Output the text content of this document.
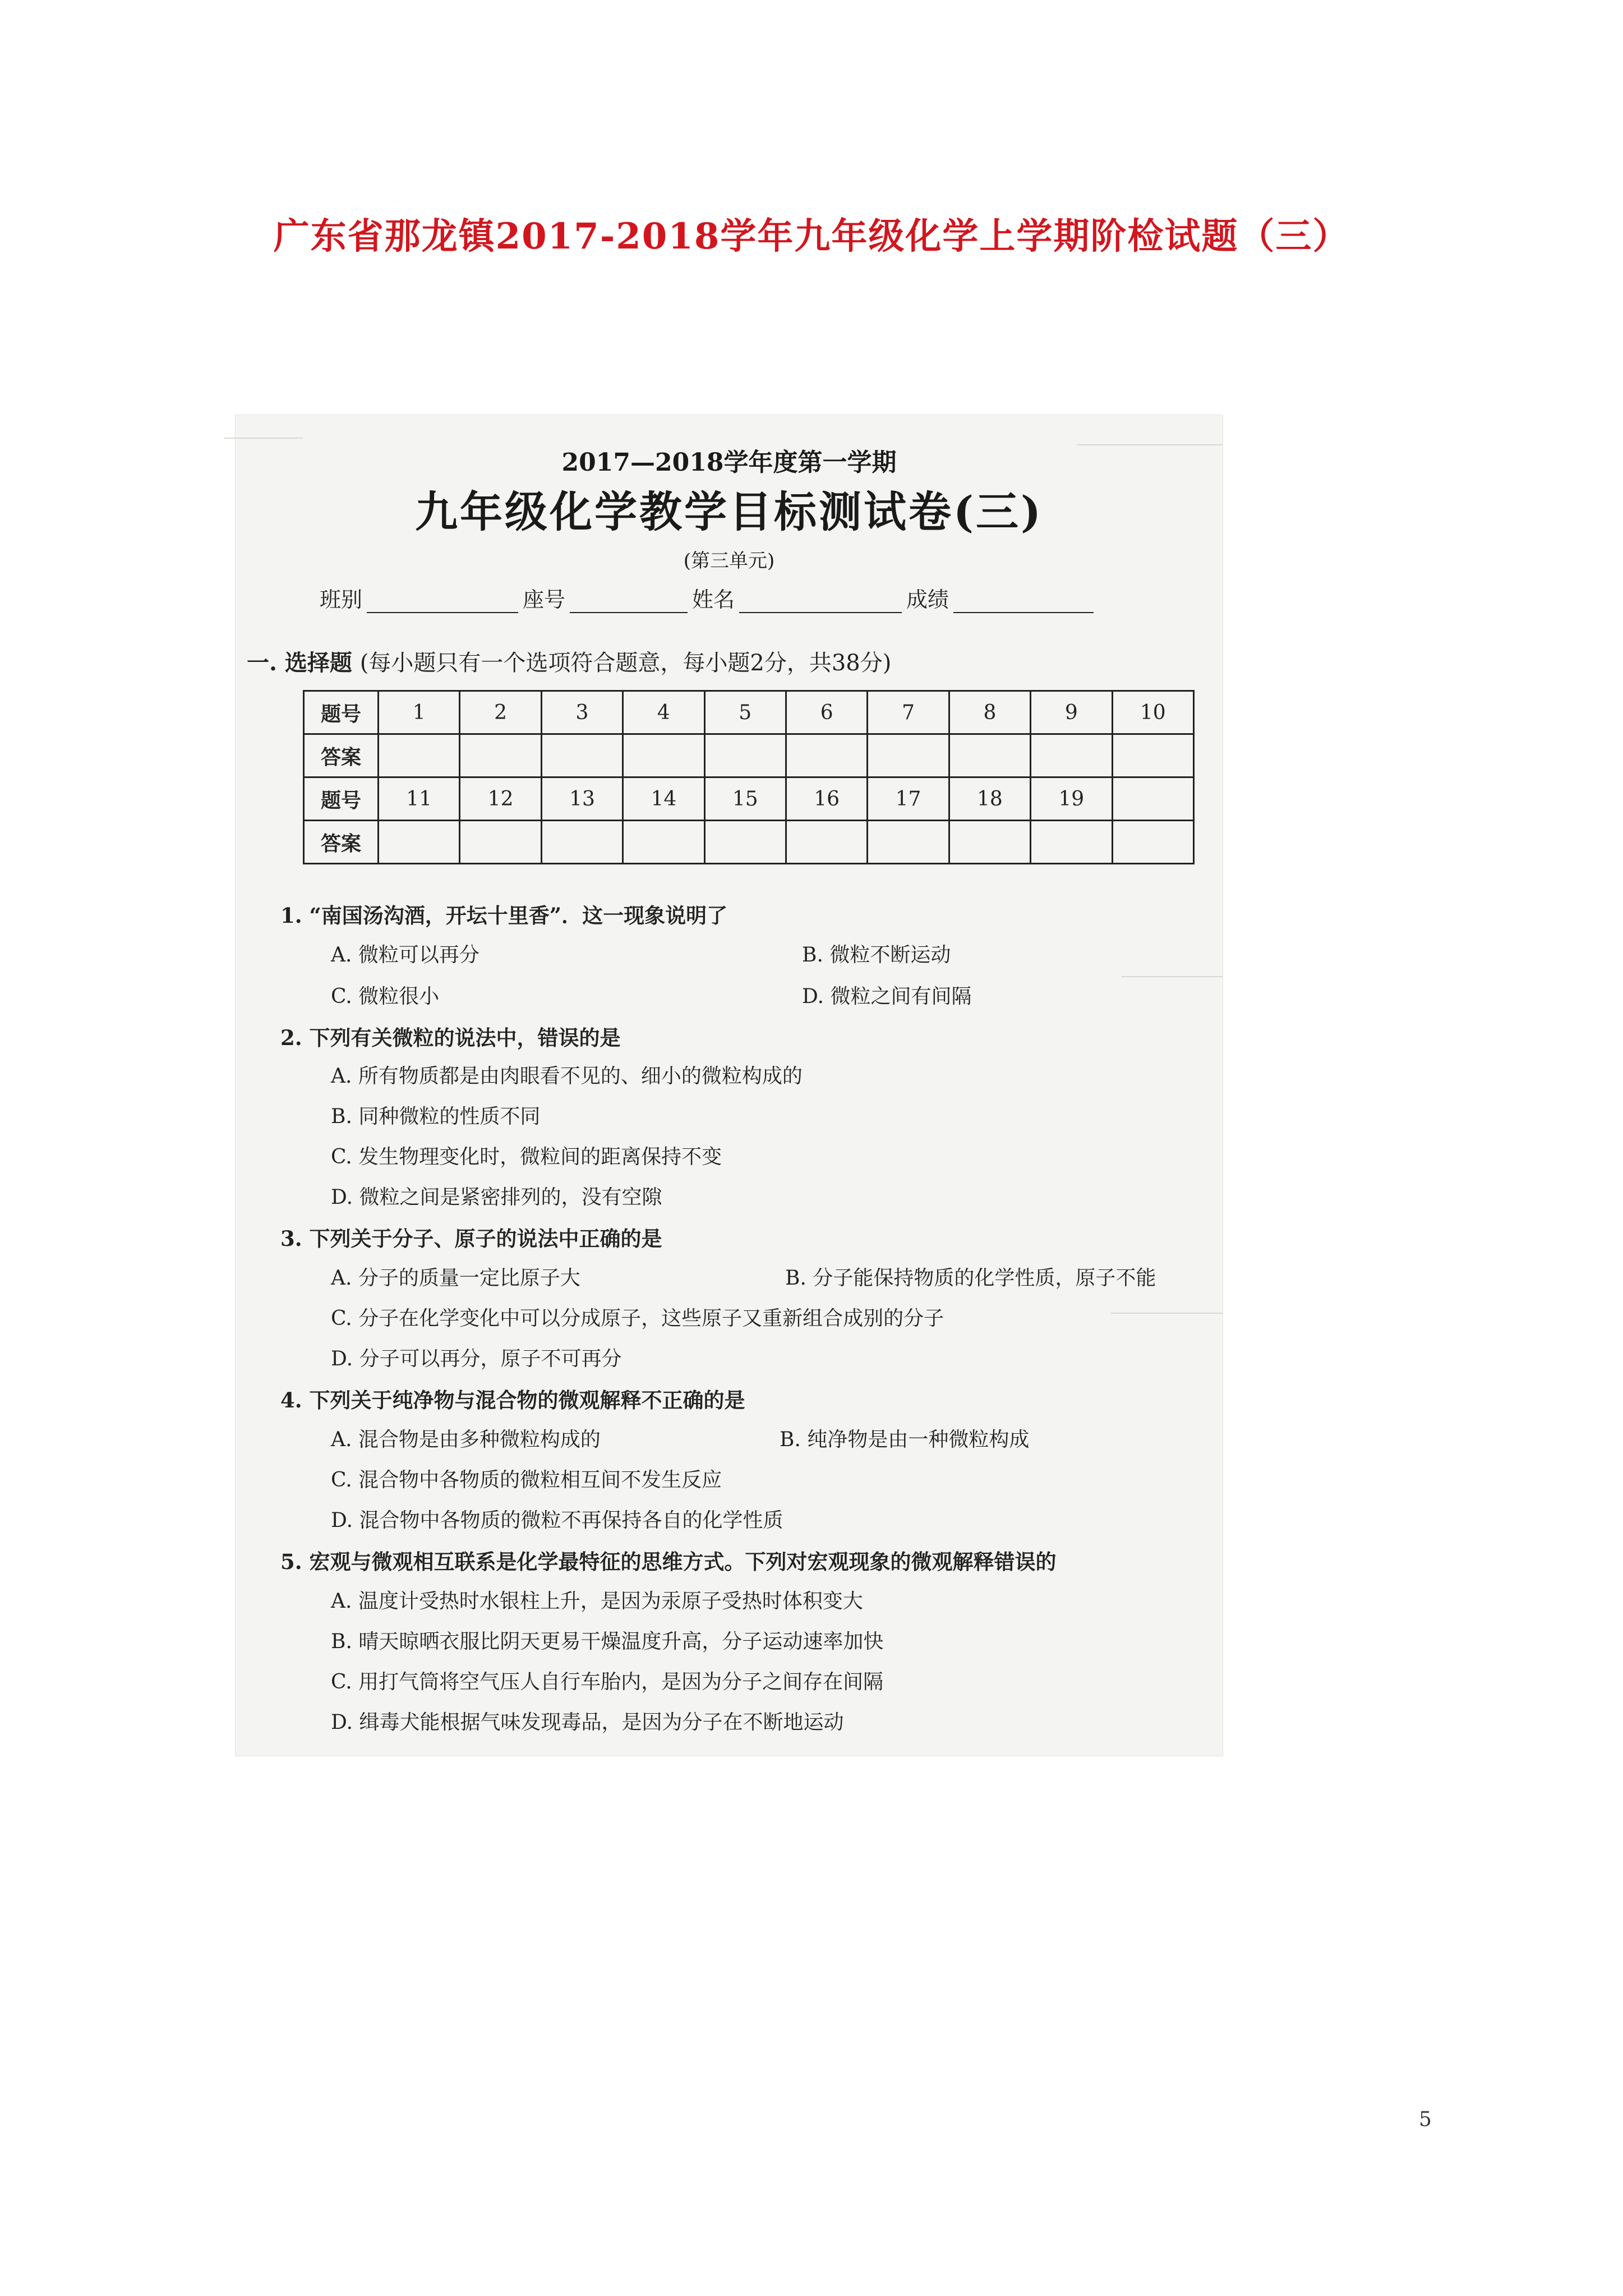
广东省那龙镇2017-2018学年九年级化学上学期阶检试题（三）
2017—2018学年度第一学期
九年级化学教学目标测试卷(三)
(第三单元)
班别	座号	姓名	成绩
一. 选择题 (每小题只有一个选项符合题意，每小题2分，共38分)
题号	1	2	3	4	5	6	7	8	9	10
答案										
题号	11	12	13	14	15	16	17	18	19	
答案										
1. “南国汤沟酒，开坛十里香”．这一现象说明了
A. 微粒可以再分	B. 微粒不断运动
C. 微粒很小	D. 微粒之间有间隔
2. 下列有关微粒的说法中，错误的是
A. 所有物质都是由肉眼看不见的、细小的微粒构成的
B. 同种微粒的性质不同
C. 发生物理变化时，微粒间的距离保持不变
D. 微粒之间是紧密排列的，没有空隙
3. 下列关于分子、原子的说法中正确的是
A. 分子的质量一定比原子大	B. 分子能保持物质的化学性质，原子不能
C. 分子在化学变化中可以分成原子，这些原子又重新组合成别的分子
D. 分子可以再分，原子不可再分
4. 下列关于纯净物与混合物的微观解释不正确的是
A. 混合物是由多种微粒构成的	B. 纯净物是由一种微粒构成
C. 混合物中各物质的微粒相互间不发生反应
D. 混合物中各物质的微粒不再保持各自的化学性质
5. 宏观与微观相互联系是化学最特征的思维方式。下列对宏观现象的微观解释错误的
A. 温度计受热时水银柱上升，是因为汞原子受热时体积变大
B. 晴天晾晒衣服比阴天更易干燥温度升高，分子运动速率加快
C. 用打气筒将空气压人自行车胎内，是因为分子之间存在间隔
D. 缉毒犬能根据气味发现毒品，是因为分子在不断地运动
5
